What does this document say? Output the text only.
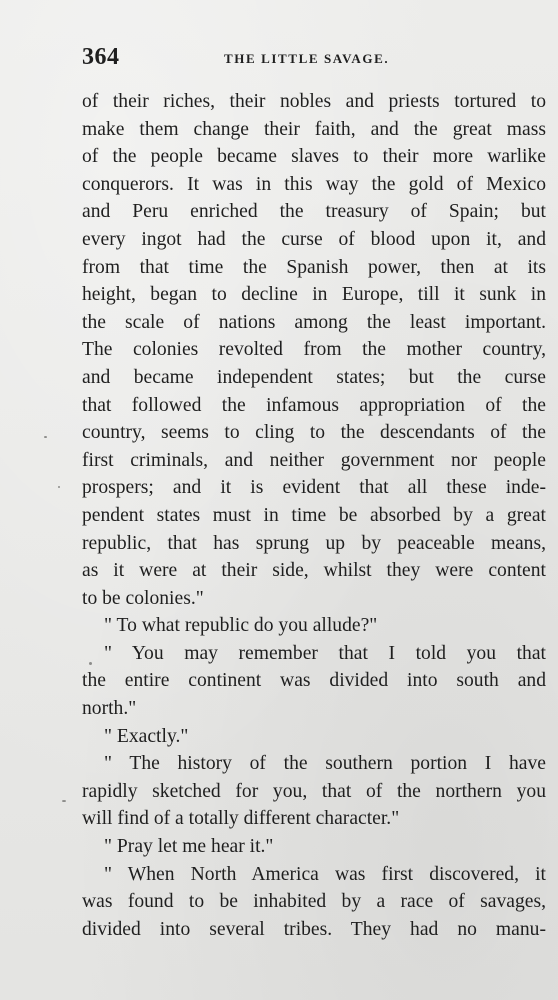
364	THE LITTLE SAVAGE.
of their riches, their nobles and priests tortured to
make them change their faith, and the great mass
of the people became slaves to their more warlike
conquerors. It was in this way the gold of Mexico
and Peru enriched the treasury of Spain; but
every ingot had the curse of blood upon it, and
from that time the Spanish power, then at its
height, began to decline in Europe, till it sunk in
the scale of nations among the least important.
The colonies revolted from the mother country,
and became independent states; but the curse
that followed the infamous appropriation of the
country, seems to cling to the descendants of the
first criminals, and neither government nor people
prospers; and it is evident that all these inde-
pendent states must in time be absorbed by a great
republic, that has sprung up by peaceable means,
as it were at their side, whilst they were content
to be colonies."
" To what republic do you allude?"
" You may remember that I told you that
the entire continent was divided into south and
north."
" Exactly."
" The history of the southern portion I have
rapidly sketched for you, that of the northern you
will find of a totally different character."
" Pray let me hear it."
" When North America was first discovered, it
was found to be inhabited by a race of savages,
divided into several tribes. They had no manu-
